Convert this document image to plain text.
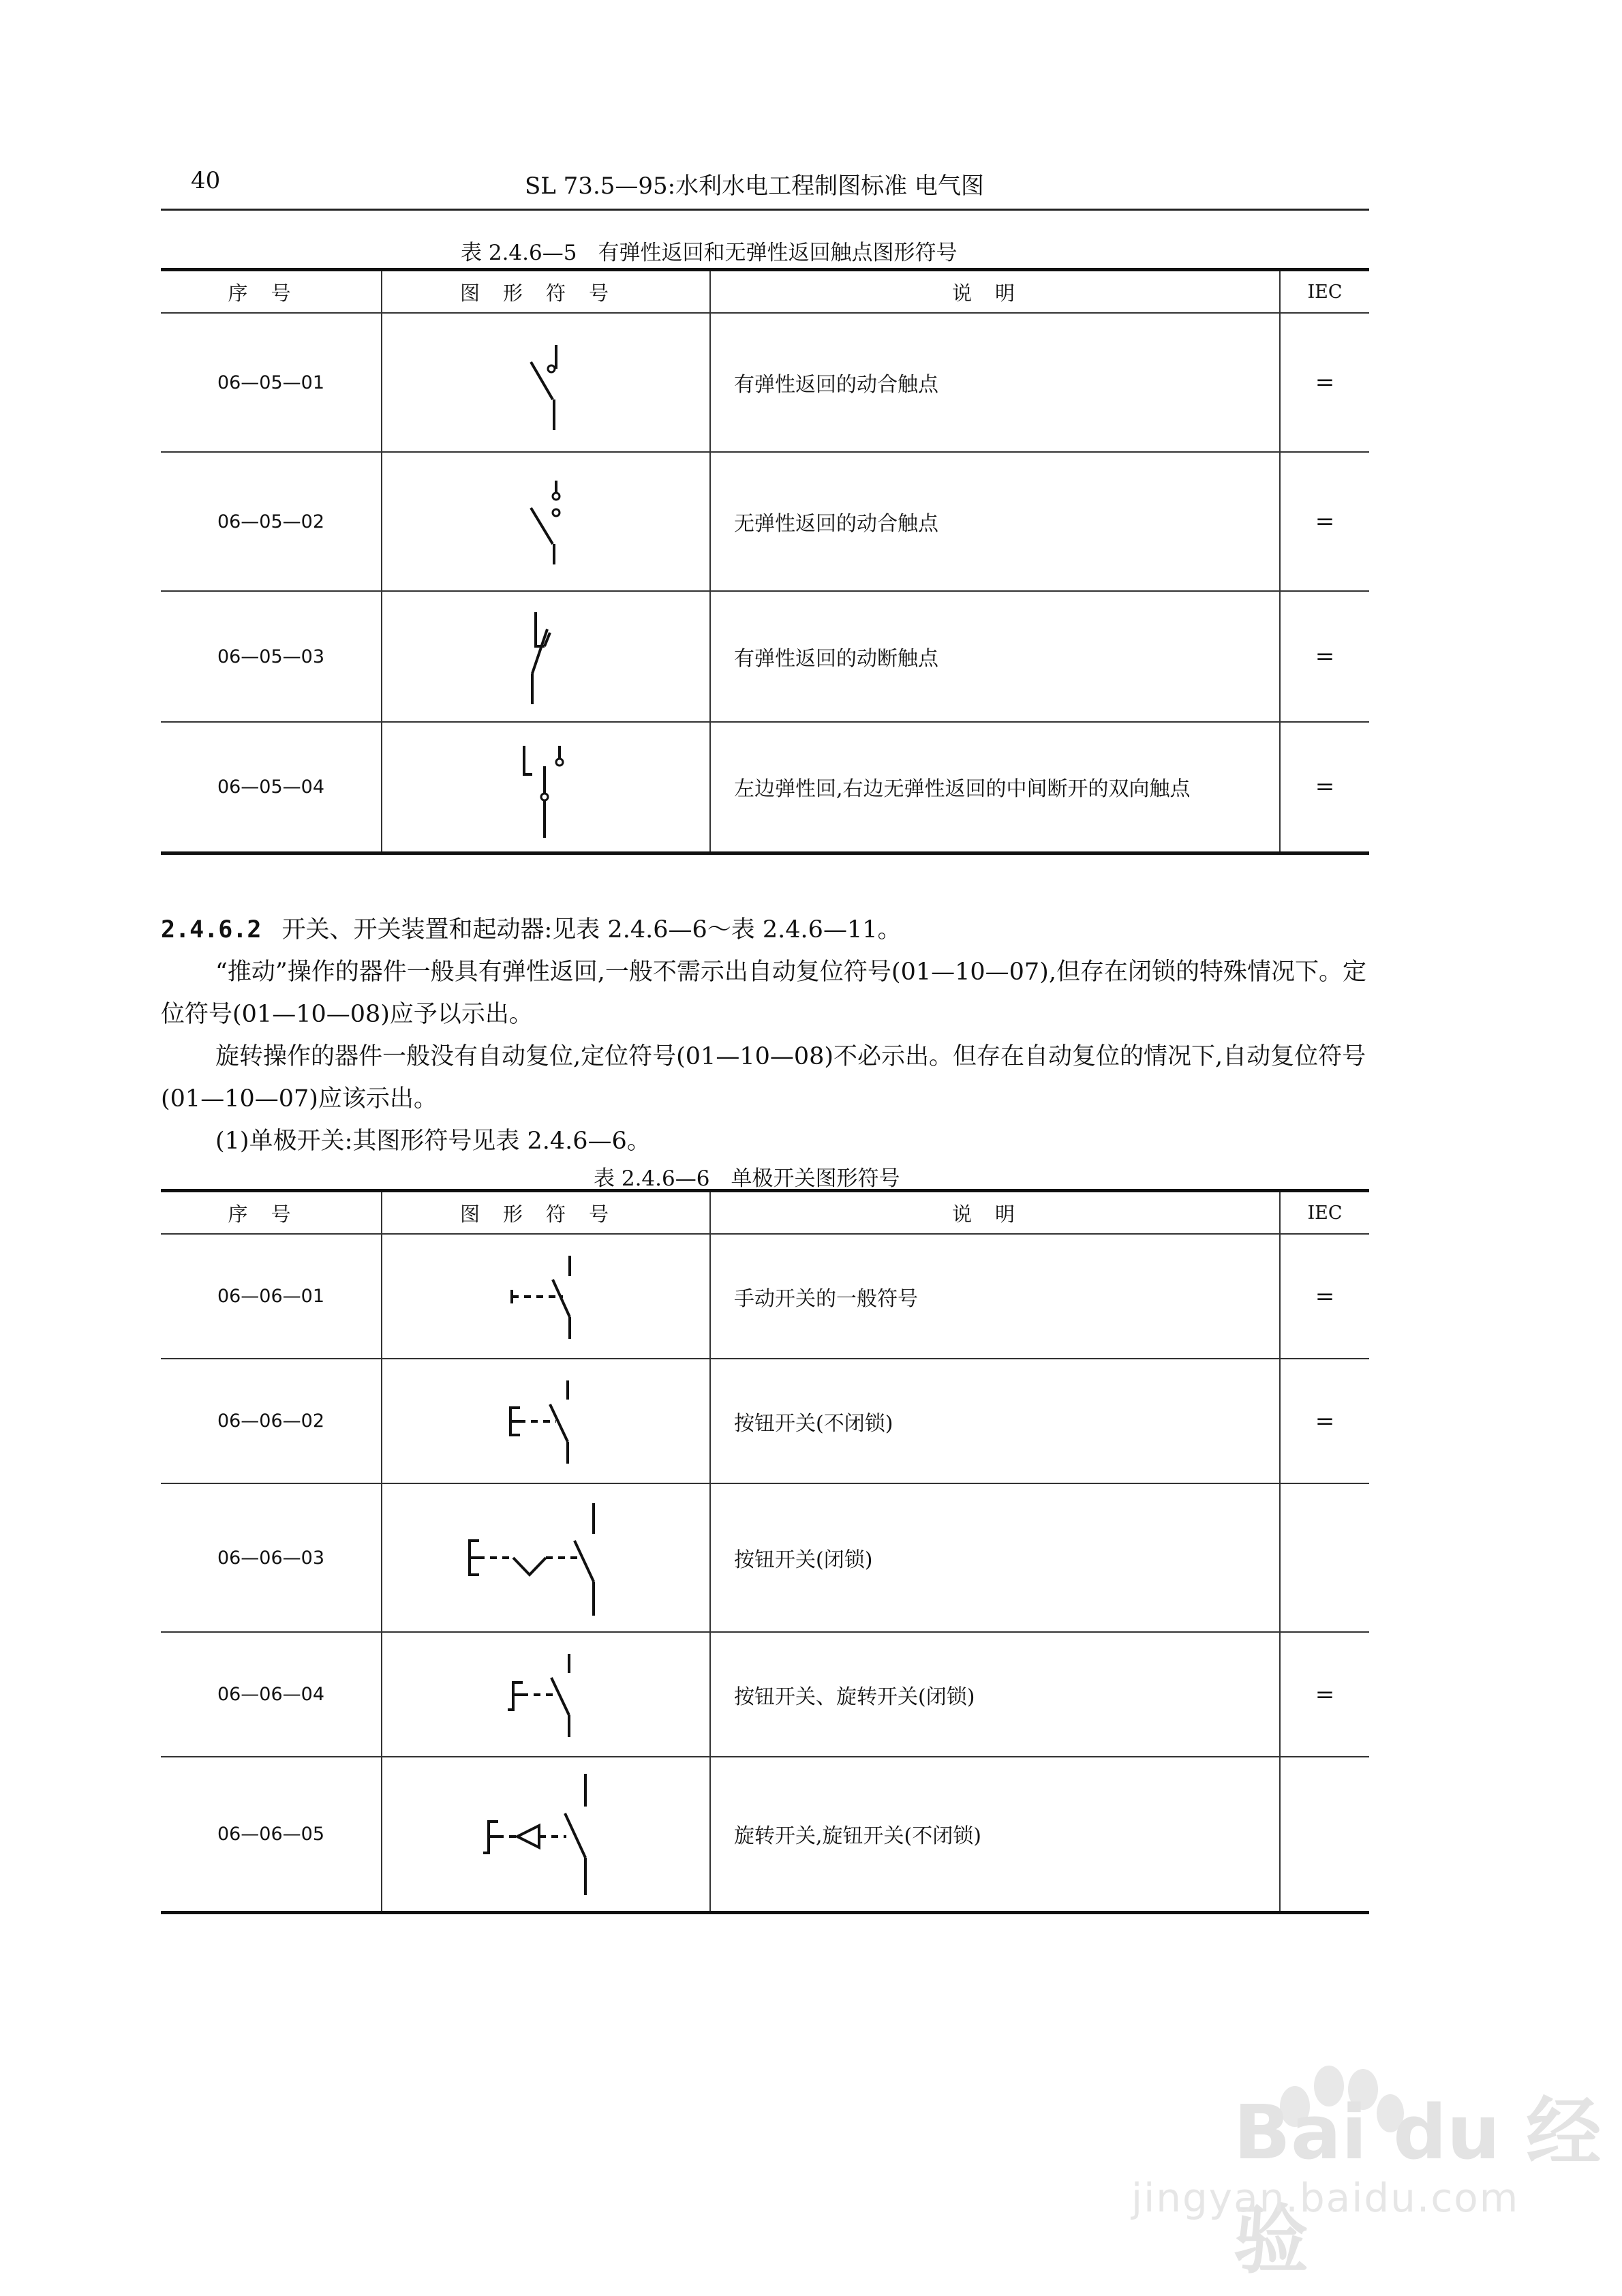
40	SL 73.5—95:水利水电工程制图标准 电气图
表 2.4.6—5　有弹性返回和无弹性返回触点图形符号
序号	图形符号	说明	IEC
06—05—01		有弹性返回的动合触点	=
06—05—02		无弹性返回的动合触点	=
06—05—03		有弹性返回的动断触点	=
06—05—04		左边弹性回,右边无弹性返回的中间断开的双向触点	=
2.4.6.2 开关、开关装置和起动器:见表 2.4.6—6～表 2.4.6—11。
“推动”操作的器件一般具有弹性返回,一般不需示出自动复位符号(01—10—07),但存在闭锁的特殊情况下。定位符号(01—10—08)应予以示出。
旋转操作的器件一般没有自动复位,定位符号(01—10—08)不必示出。但存在自动复位的情况下,自动复位符号(01—10—07)应该示出。
(1)单极开关:其图形符号见表 2.4.6—6。
表 2.4.6—6　单极开关图形符号
序号	图形符号	说明	IEC
06—06—01		手动开关的一般符号	=
06—06—02		按钮开关(不闭锁)	=
06—06—03		按钮开关(闭锁)	
06—06—04		按钮开关、旋转开关(闭锁)	=
06—06—05		旋转开关,旋钮开关(不闭锁)	
Bai du 经验
jingyan.baidu.com
